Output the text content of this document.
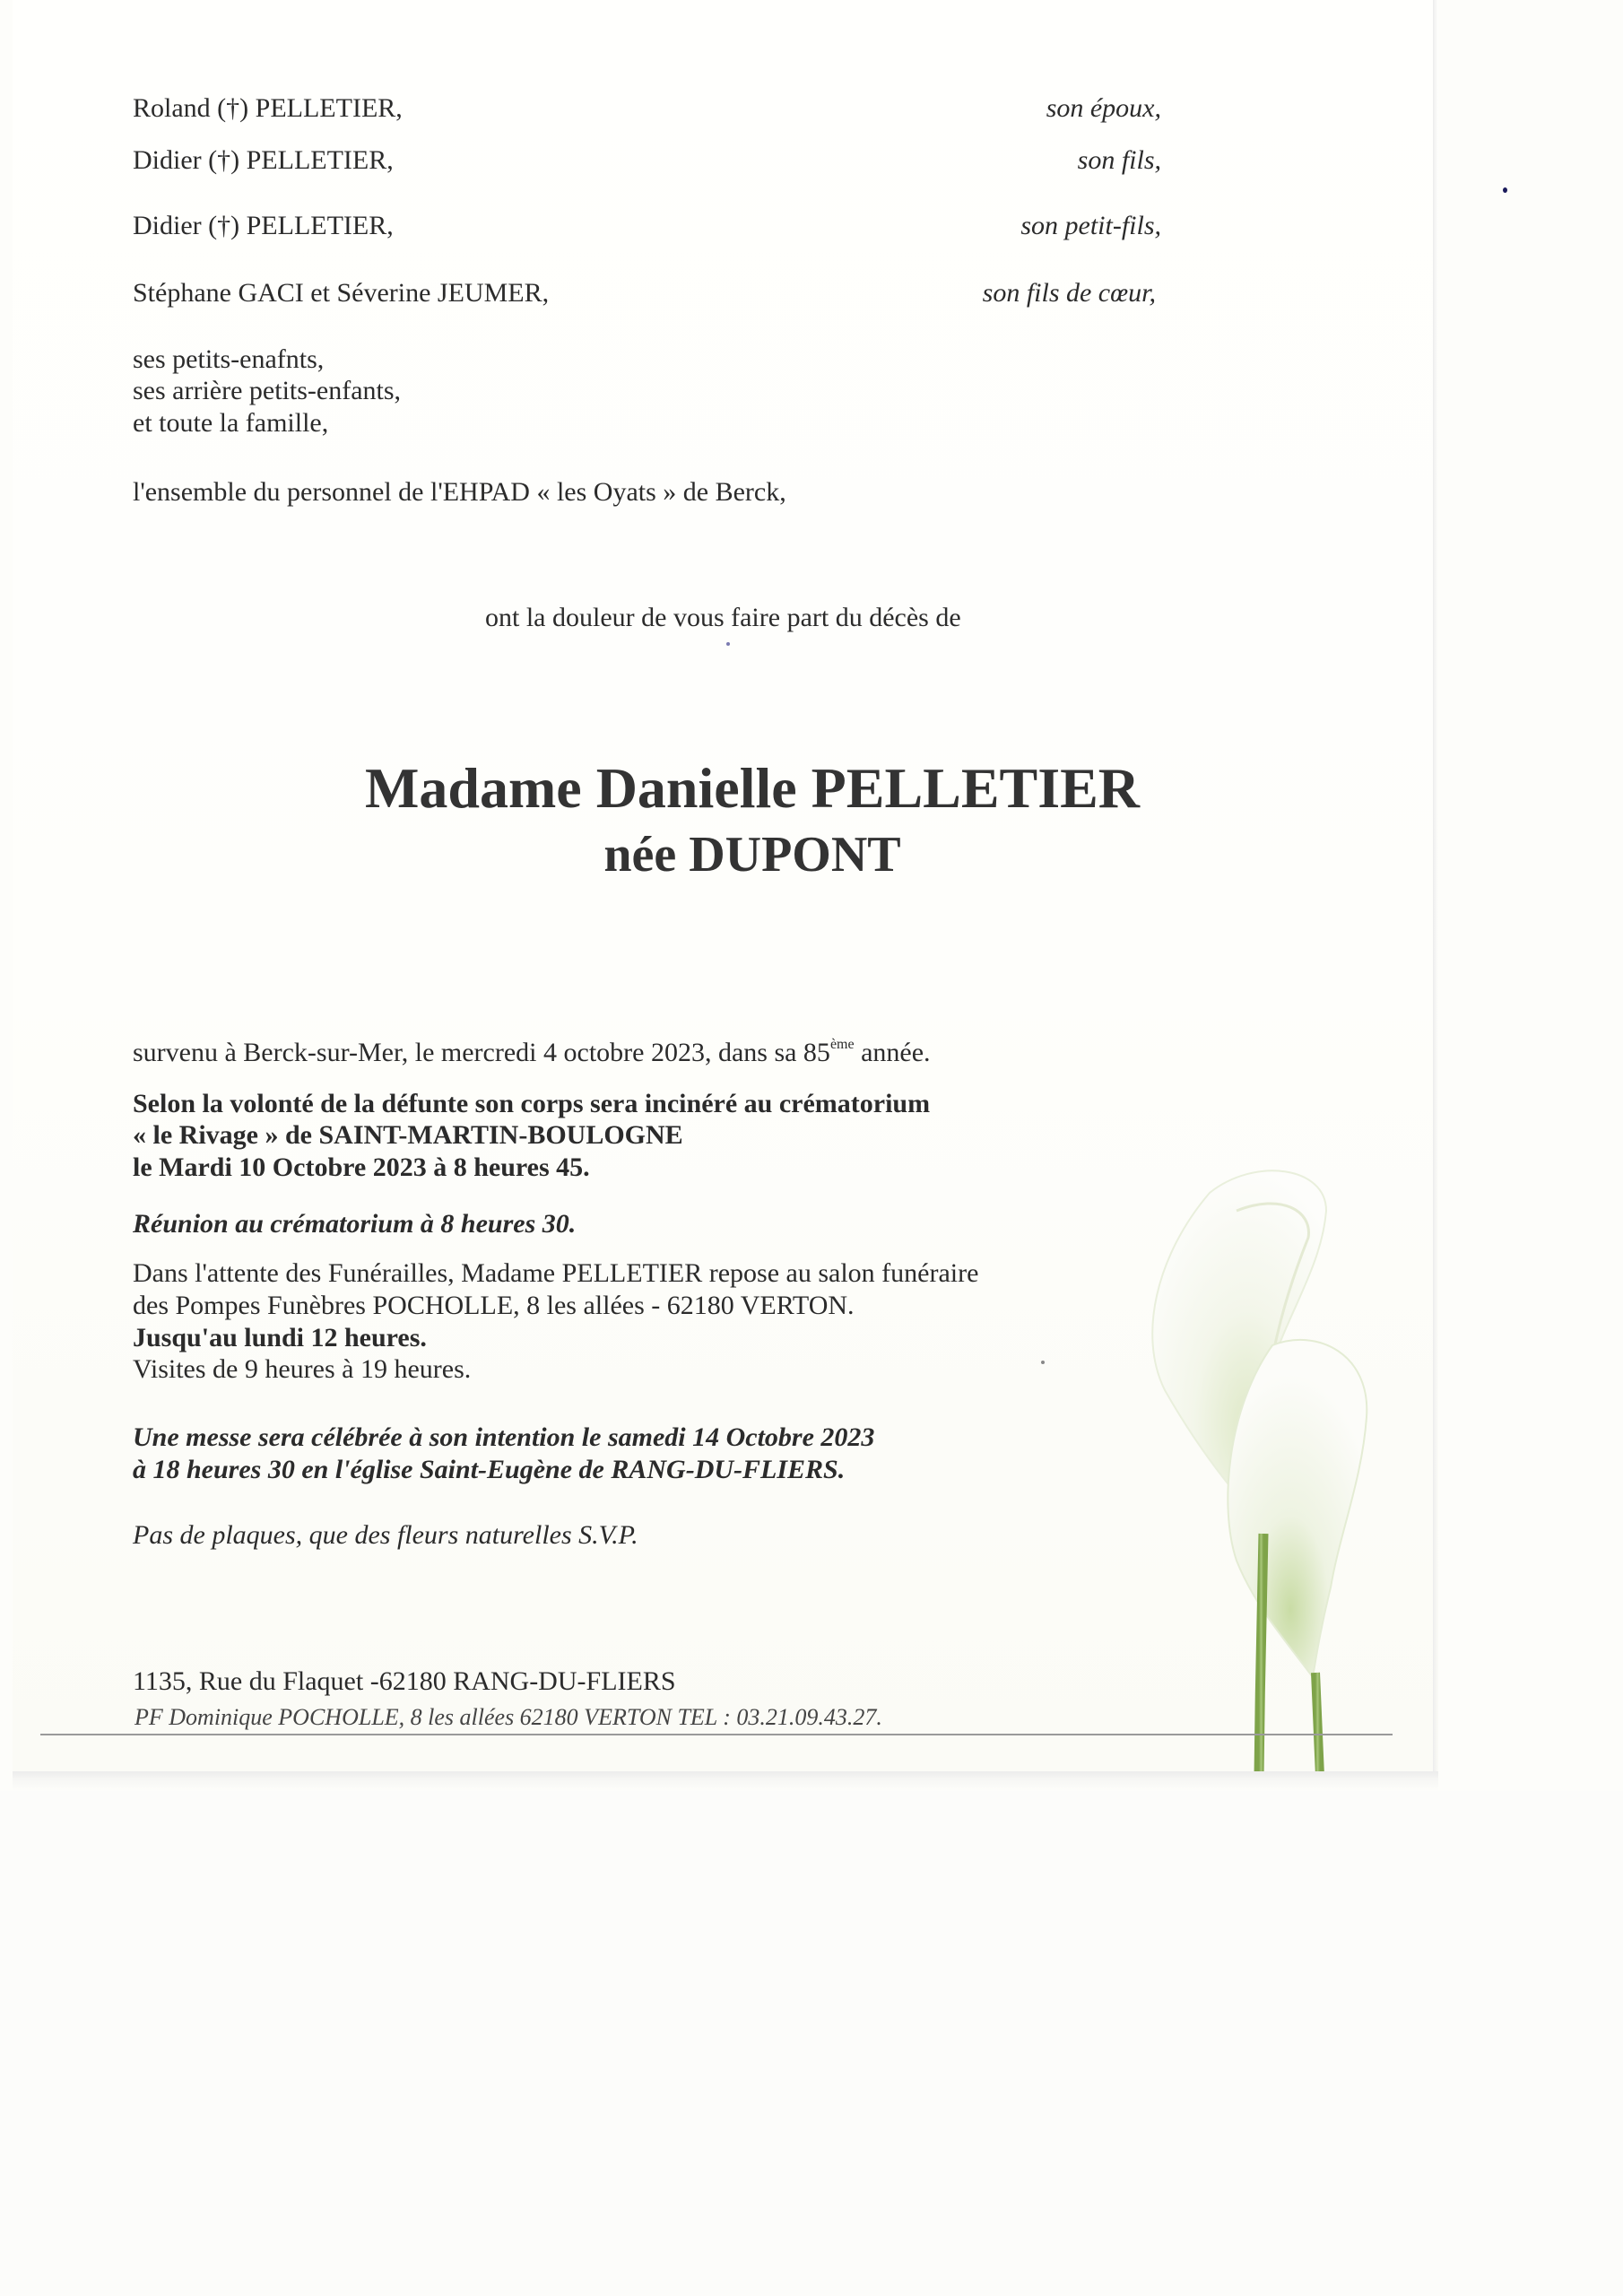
Roland (†) PELLETIER,	son époux,
Didier (†) PELLETIER,	son fils,
Didier (†) PELLETIER,	son petit-fils,
Stéphane GACI et Séverine JEUMER,	son fils de cœur,
ses petits-enafnts,
ses arrière petits-enfants,
et toute la famille,
l'ensemble du personnel de l'EHPAD « les Oyats » de Berck,
ont la douleur de vous faire part du décès de
Madame Danielle PELLETIER
née DUPONT
survenu à Berck-sur-Mer, le mercredi 4 octobre 2023, dans sa 85ème année.
Selon la volonté de la défunte son corps sera incinéré au crématorium
« le Rivage » de SAINT-MARTIN-BOULOGNE
le Mardi 10 Octobre 2023 à 8 heures 45.
Réunion au crématorium à 8 heures 30.
Dans l'attente des Funérailles, Madame PELLETIER repose au salon funéraire
des Pompes Funèbres POCHOLLE, 8 les allées - 62180 VERTON.
Jusqu'au lundi 12 heures.
Visites de 9 heures à 19 heures.
Une messe sera célébrée à son intention le samedi 14 Octobre 2023
à 18 heures 30 en l'église Saint-Eugène de RANG-DU-FLIERS.
Pas de plaques, que des fleurs naturelles S.V.P.
1135, Rue du Flaquet -62180 RANG-DU-FLIERS
PF Dominique POCHOLLE, 8 les allées 62180 VERTON TEL : 03.21.09.43.27.
